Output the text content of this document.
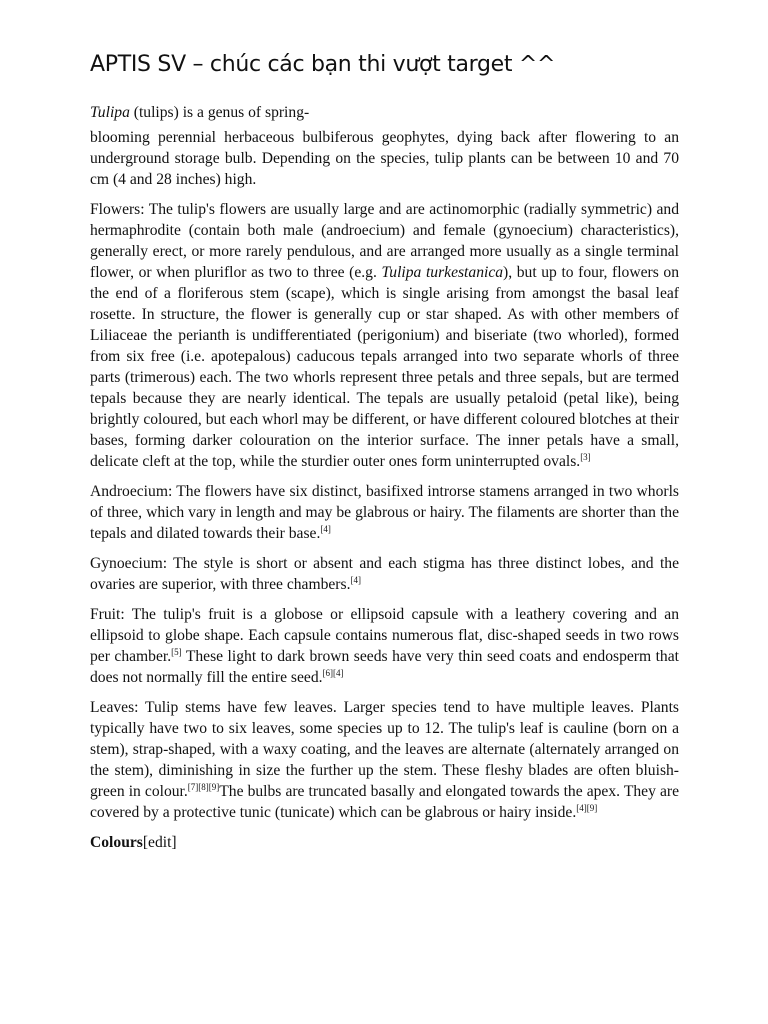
APTIS SV – chúc các bạn thi vượt target ^^

Tulipa (tulips) is a genus of spring-

blooming perennial herbaceous bulbiferous geophytes, dying back after flowering to an underground storage bulb. Depending on the species, tulip plants can be between 10 and 70 cm (4 and 28 inches) high.

Flowers: The tulip's flowers are usually large and are actinomorphic (radially symmetric) and hermaphrodite (contain both male (androecium) and female (gynoecium) characteristics), generally erect, or more rarely pendulous, and are arranged more usually as a single terminal flower, or when pluriflor as two to three (e.g. Tulipa turkestanica), but up to four, flowers on the end of a floriferous stem (scape), which is single arising from amongst the basal leaf rosette. In structure, the flower is generally cup or star shaped. As with other members of Liliaceae the perianth is undifferentiated (perigonium) and biseriate (two whorled), formed from six free (i.e. apotepalous) caducous tepals arranged into two separate whorls of three parts (trimerous) each. The two whorls represent three petals and three sepals, but are termed tepals because they are nearly identical. The tepals are usually petaloid (petal like), being brightly coloured, but each whorl may be different, or have different coloured blotches at their bases, forming darker colouration on the interior surface. The inner petals have a small, delicate cleft at the top, while the sturdier outer ones form uninterrupted ovals.[3]

Androecium: The flowers have six distinct, basifixed introrse stamens arranged in two whorls of three, which vary in length and may be glabrous or hairy. The filaments are shorter than the tepals and dilated towards their base.[4]

Gynoecium: The style is short or absent and each stigma has three distinct lobes, and the ovaries are superior, with three chambers.[4]

Fruit: The tulip's fruit is a globose or ellipsoid capsule with a leathery covering and an ellipsoid to globe shape. Each capsule contains numerous flat, disc-shaped seeds in two rows per chamber.[5] These light to dark brown seeds have very thin seed coats and endosperm that does not normally fill the entire seed.[6][4]

Leaves: Tulip stems have few leaves. Larger species tend to have multiple leaves. Plants typically have two to six leaves, some species up to 12. The tulip's leaf is cauline (born on a stem), strap-shaped, with a waxy coating, and the leaves are alternate (alternately arranged on the stem), diminishing in size the further up the stem. These fleshy blades are often bluish-green in colour.[7][8][9]The bulbs are truncated basally and elongated towards the apex. They are covered by a protective tunic (tunicate) which can be glabrous or hairy inside.[4][9]

Colours[edit]
